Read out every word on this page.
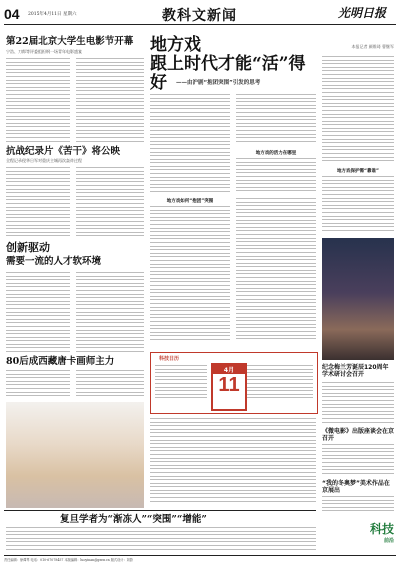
04 2015年4月11日 星期六	教科文新闻	光明日报
第22届北京大学生电影节开幕
宁浩、刀郎等评委组担纲一场青年电影盛宴
抗战纪录片《苦干》将公映
全程记录侵华日军对重庆主城再次轰炸过程
创新驱动
需要一流的人才软环境
80后成西藏唐卡画师主力
地方戏
跟上时代才能“活”得好	——由沪剧“抱团突围”引发的思考
本报记者 颜维琦 曹继军
地方戏的活力在哪里
地方戏保护需“靠谁”
地方戏如何“抱团”突围
科技日历
4月
11
纪念梅兰芳诞辰120周年学术研讨会召开
《微电影》出版座谈会在京召开
“我的冬奥梦”美术作品在京展出
复旦学者为“渐冻人”“突围”“增能”
科技
前沿
责任编辑：徐谭琴 电话：010-67078457 本版编辑：luoyinan@gmw.cn 版式设计：刘影
